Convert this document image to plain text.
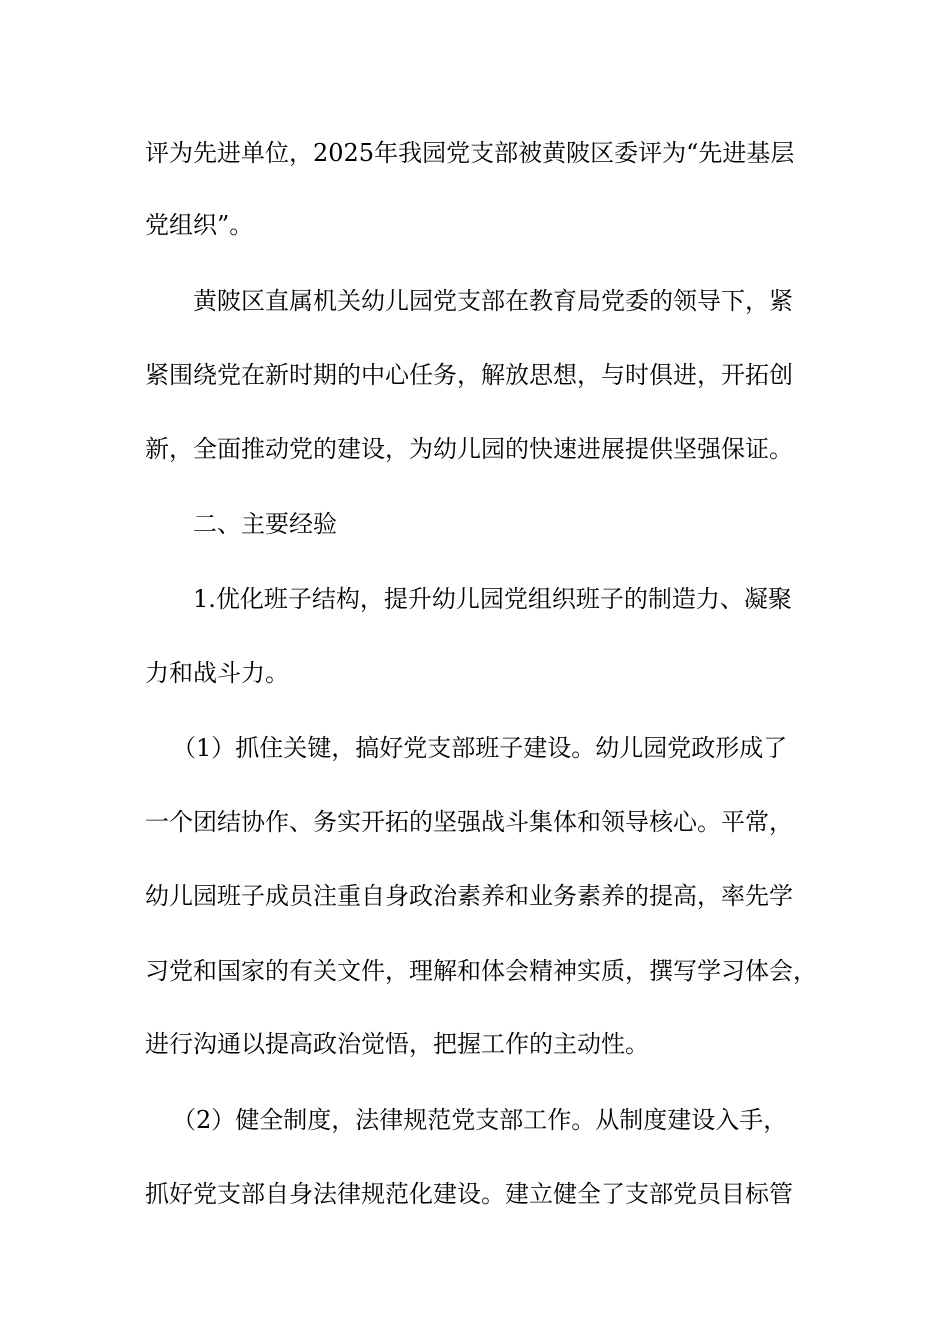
评为先进单位，2025年我园党支部被黄陂区委评为“先进基层
党组织”。
黄陂区直属机关幼儿园党支部在教育局党委的领导下，紧
紧围绕党在新时期的中心任务，解放思想，与时俱进，开拓创
新，全面推动党的建设，为幼儿园的快速进展提供坚强保证。
二、主要经验
1.优化班子结构，提升幼儿园党组织班子的制造力、凝聚
力和战斗力。
（1）抓住关键，搞好党支部班子建设。幼儿园党政形成了
一个团结协作、务实开拓的坚强战斗集体和领导核心。平常，
幼儿园班子成员注重自身政治素养和业务素养的提高，率先学
习党和国家的有关文件，理解和体会精神实质，撰写学习体会，
进行沟通以提高政治觉悟，把握工作的主动性。
（2）健全制度，法律规范党支部工作。从制度建设入手，
抓好党支部自身法律规范化建设。建立健全了支部党员目标管
